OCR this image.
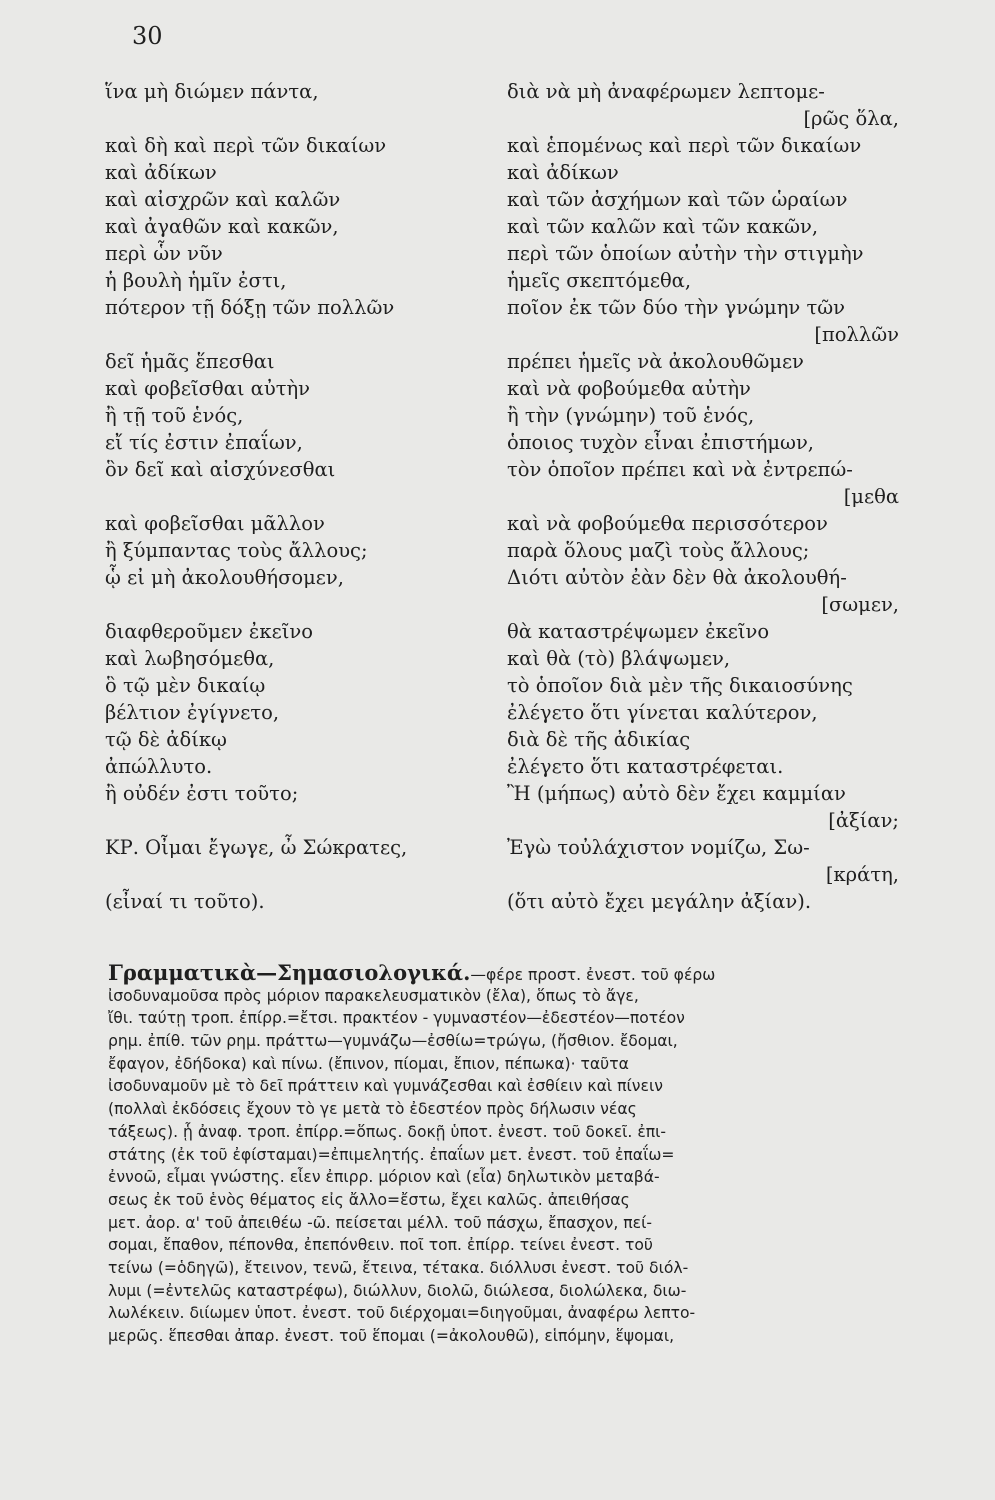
30
ἵνα μὴ διώμεν πάντα,
καὶ δὴ καὶ περὶ τῶν δικαίων
καὶ ἀδίκων
καὶ αἰσχρῶν καὶ καλῶν
καὶ ἀγαθῶν καὶ κακῶν,
περὶ ὧν νῦν
ἡ βουλὴ ἡμῖν ἐστι,
πότερον τῇ δόξῃ τῶν πολλῶν
δεῖ ἡμᾶς ἕπεσθαι
καὶ φοβεῖσθαι αὐτὴν
ἢ τῇ τοῦ ἑνός,
εἴ τίς ἐστιν ἐπαΐων,
ὃν δεῖ καὶ αἰσχύνεσθαι
καὶ φοβεῖσθαι μᾶλλον
ἢ ξύμπαντας τοὺς ἄλλους;
ᾧ εἰ μὴ ἀκολουθήσομεν,
διαφθεροῦμεν ἐκεῖνο
καὶ λωβησόμεθα,
ὃ τῷ μὲν δικαίῳ
βέλτιον ἐγίγνετο,
τῷ δὲ ἀδίκῳ
ἀπώλλυτο.
ἢ οὐδέν ἐστι τοῦτο;
ΚΡ. Οἶμαι ἔγωγε, ὦ Σώκρατες,
(εἶναί τι τοῦτο).
διὰ νὰ μὴ ἀναφέρωμεν λεπτομε-
[ρῶς ὅλα,
καὶ ἑπομένως καὶ περὶ τῶν δικαίων
καὶ ἀδίκων
καὶ τῶν ἀσχήμων καὶ τῶν ὡραίων
καὶ τῶν καλῶν καὶ τῶν κακῶν,
περὶ τῶν ὁποίων αὐτὴν τὴν στιγμὴν
ἡμεῖς σκεπτόμεθα,
ποῖον ἐκ τῶν δύο τὴν γνώμην τῶν
[πολλῶν
πρέπει ἡμεῖς νὰ ἀκολουθῶμεν
καὶ νὰ φοβούμεθα αὐτὴν
ἢ τὴν (γνώμην) τοῦ ἑνός,
ὁποιος τυχὸν εἶναι ἐπιστήμων,
τὸν ὁποῖον πρέπει καὶ νὰ ἐντρεπώ-
[μεθα
καὶ νὰ φοβούμεθα περισσότερον
παρὰ ὅλους μαζὶ τοὺς ἄλλους;
Διότι αὐτὸν ἐὰν δὲν θὰ ἀκολουθή-
[σωμεν,
θὰ καταστρέψωμεν ἐκεῖνο
καὶ θὰ (τὸ) βλάψωμεν,
τὸ ὁποῖον διὰ μὲν τῆς δικαιοσύνης
ἐλέγετο ὅτι γίνεται καλύτερον,
διὰ δὲ τῆς ἀδικίας
ἐλέγετο ὅτι καταστρέφεται.
Ἢ (μήπως) αὐτὸ δὲν ἔχει καμμίαν
[ἀξίαν;
Ἐγὼ τοὐλάχιστον νομίζω, Σω-
[κράτη,
(ὅτι αὐτὸ ἔχει μεγάλην ἀξίαν).
Γραμματικὰ—Σημασιολογικά.—φέρε προστ. ἐνεστ. τοῦ φέρω
ἰσοδυναμοῦσα πρὸς μόριον παρακελευσματικὸν (ἔλα), ὅπως τὸ ἄγε,
ἴθι. ταύτῃ τροπ. ἐπίρρ.=ἔτσι. πρακτέον - γυμναστέον—ἐδεστέον—ποτέον
ρημ. ἐπίθ. τῶν ρημ. πράττω—γυμνάζω—ἐσθίω=τρώγω, (ἤσθιον. ἔδομαι,
ἔφαγον, ἐδήδοκα) καὶ πίνω. (ἔπινον, πίομαι, ἔπιον, πέπωκα)· ταῦτα
ἰσοδυναμοῦν μὲ τὸ δεῖ πράττειν καὶ γυμνάζεσθαι καὶ ἐσθίειν καὶ πίνειν
(πολλαὶ ἐκδόσεις ἔχουν τὸ γε μετὰ τὸ ἐδεστέον πρὸς δήλωσιν νέας
τάξεως). ᾗ ἀναφ. τροπ. ἐπίρρ.=ὅπως. δοκῇ ὑποτ. ἐνεστ. τοῦ δοκεῖ. ἐπι-
στάτης (ἐκ τοῦ ἐφίσταμαι)=ἐπιμελητής. ἐπαΐων μετ. ἐνεστ. τοῦ ἐπαΐω=
ἐννοῶ, εἶμαι γνώστης. εἶεν ἐπιρρ. μόριον καὶ (εἶα) δηλωτικὸν μεταβά-
σεως ἐκ τοῦ ἑνὸς θέματος εἰς ἄλλο=ἔστω, ἔχει καλῶς. ἀπειθήσας
μετ. ἀορ. α' τοῦ ἀπειθέω -ῶ. πείσεται μέλλ. τοῦ πάσχω, ἔπασχον, πεί-
σομαι, ἔπαθον, πέπονθα, ἐπεπόνθειν. ποῖ τοπ. ἐπίρρ. τείνει ἐνεστ. τοῦ
τείνω (=ὁδηγῶ), ἔτεινον, τενῶ, ἔτεινα, τέτακα. διόλλυσι ἐνεστ. τοῦ διόλ-
λυμι (=ἐντελῶς καταστρέφω), διώλλυν, διολῶ, διώλεσα, διολώλεκα, διω-
λωλέκειν. διίωμεν ὑποτ. ἐνεστ. τοῦ διέρχομαι=διηγοῦμαι, ἀναφέρω λεπτο-
μερῶς. ἕπεσθαι ἀπαρ. ἐνεστ. τοῦ ἕπομαι (=ἀκολουθῶ), εἱπόμην, ἕψομαι,
